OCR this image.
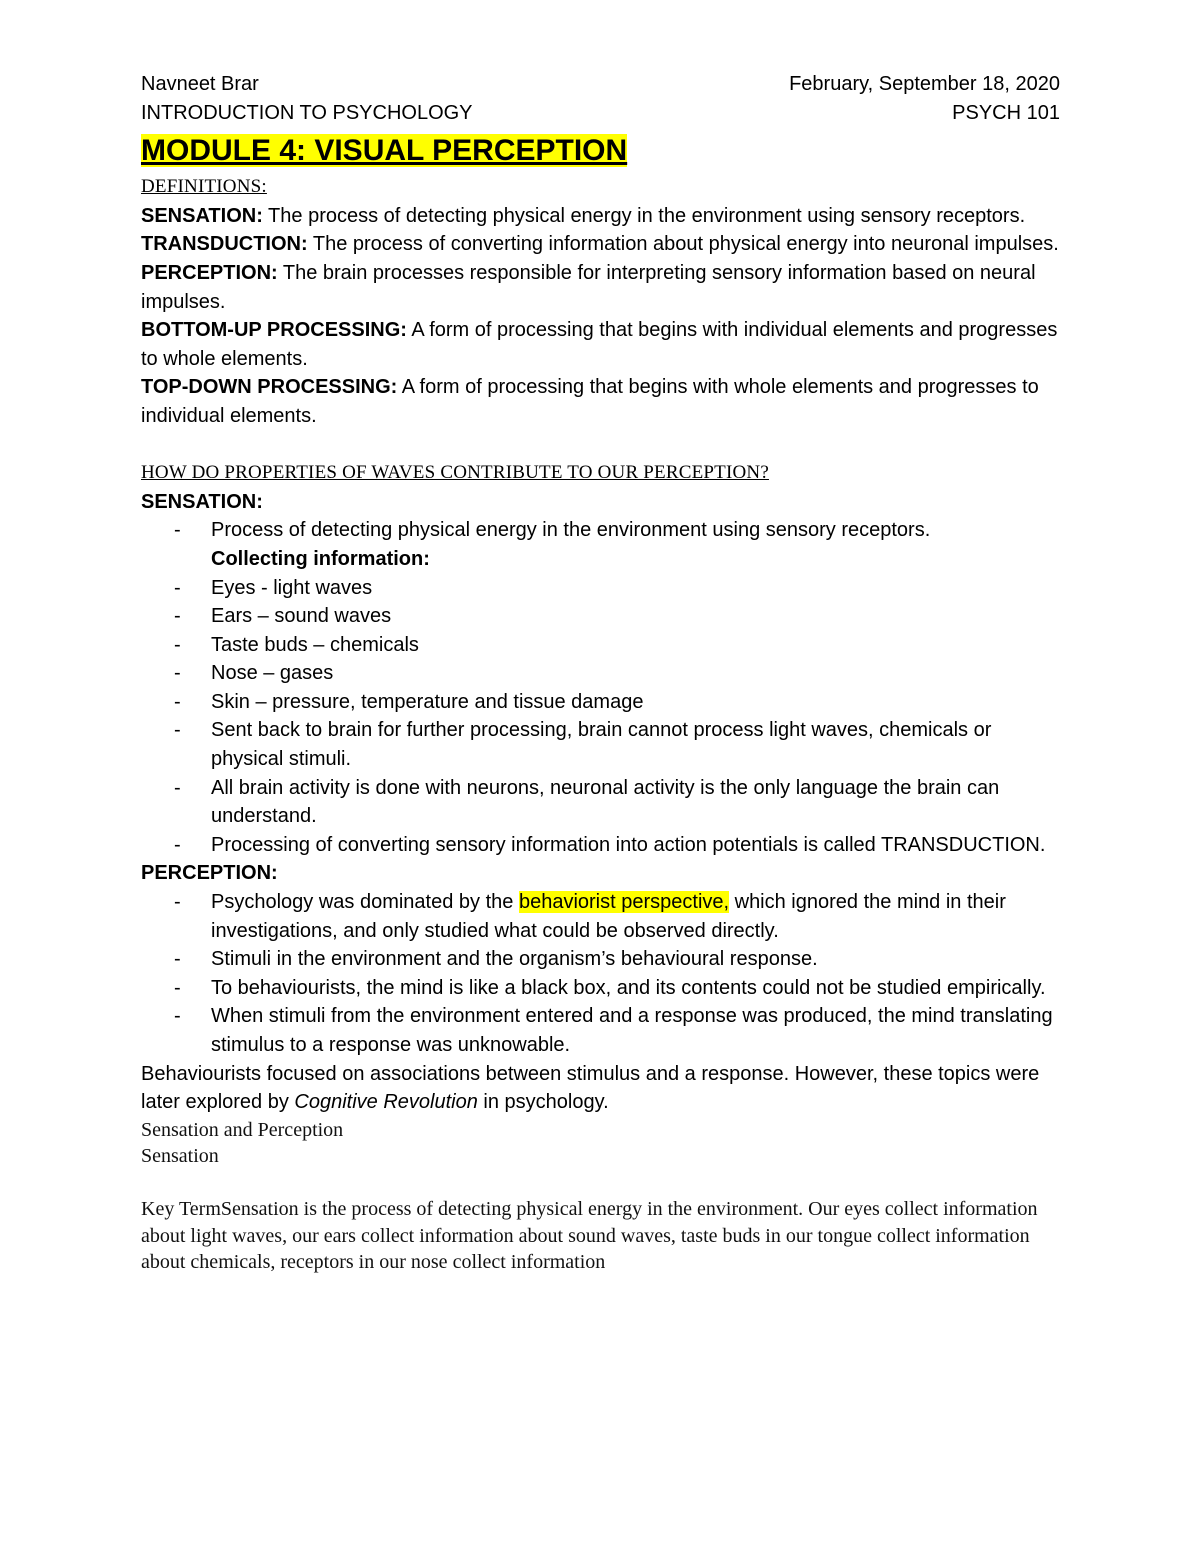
Navneet Brar	February, September 18, 2020
INTRODUCTION TO PSYCHOLOGY	PSYCH 101
MODULE 4: VISUAL PERCEPTION
DEFINITIONS:
SENSATION: The process of detecting physical energy in the environment using sensory receptors.
TRANSDUCTION: The process of converting information about physical energy into neuronal impulses.
PERCEPTION: The brain processes responsible for interpreting sensory information based on neural impulses.
BOTTOM-UP PROCESSING: A form of processing that begins with individual elements and progresses to whole elements.
TOP-DOWN PROCESSING: A form of processing that begins with whole elements and progresses to individual elements.
HOW DO PROPERTIES OF WAVES CONTRIBUTE TO OUR PERCEPTION?
SENSATION:
- Process of detecting physical energy in the environment using sensory receptors.
Collecting information:
- Eyes - light waves
- Ears – sound waves
- Taste buds – chemicals
- Nose – gases
- Skin – pressure, temperature and tissue damage
- Sent back to brain for further processing, brain cannot process light waves, chemicals or physical stimuli.
- All brain activity is done with neurons, neuronal activity is the only language the brain can understand.
- Processing of converting sensory information into action potentials is called TRANSDUCTION.
PERCEPTION:
- Psychology was dominated by the behaviorist perspective, which ignored the mind in their investigations, and only studied what could be observed directly.
- Stimuli in the environment and the organism’s behavioural response.
- To behaviourists, the mind is like a black box, and its contents could not be studied empirically.
- When stimuli from the environment entered and a response was produced, the mind translating stimulus to a response was unknowable.
Behaviourists focused on associations between stimulus and a response. However, these topics were later explored by Cognitive Revolution in psychology.
Sensation and Perception
Sensation
Key TermSensation is the process of detecting physical energy in the environment. Our eyes collect information about light waves, our ears collect information about sound waves, taste buds in our tongue collect information about chemicals, receptors in our nose collect information
